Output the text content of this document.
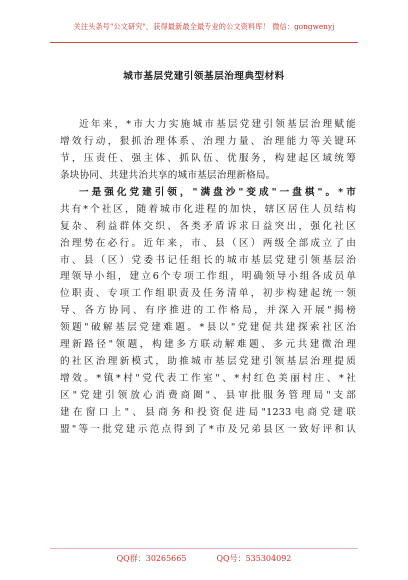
关注头条号"公文研究"，获得最新最全最专业的公文资料库！ 微信：gongwenyj
城市基层党建引领基层治理典型材料
近年来，*市大力实施城市基层党建引领基层治理赋能
增效行动，狠抓治理体系、治理力量、治理能力等关键环
节，压责任、强主体、抓队伍、优服务，构建起区域统筹
条块协同、共建共治共享的城市基层治理新格局。
一是强化党建引领，"满盘沙"变成"一盘棋"。*市
共有*个社区，随着城市化进程的加快，辖区居住人员结构
复杂、利益群体交织、各类矛盾诉求日益突出，强化社区
治理势在必行。近年来，市、县（区）两级全部成立了由
市、县（区）党委书记任组长的城市基层党建引领基层治
理领导小组，建立6个专项工作组，明确领导小组各成员单
位职责、专项工作组职责及任务清单，初步构建起统一领
导、各方协同、有序推进的工作格局，并深入开展"揭榜
领题"破解基层党建难题。*县以"党建促共建探索社区治
理新路径"领题，构建多方联动解难题、多元共建微治理
的社区治理新模式，助推城市基层党建引领基层治理提质
增效。*镇*村"党代表工作室"、*村红色美丽村庄、*社
区"党建引领放心消费商圈"、县审批服务管理局"支部
建在窗口上"、县商务和投资促进局"1233电商党建联
盟"等一批党建示范点得到了*市及兄弟县区一致好评和认
QQ群：30265665	QQ号：535304092
